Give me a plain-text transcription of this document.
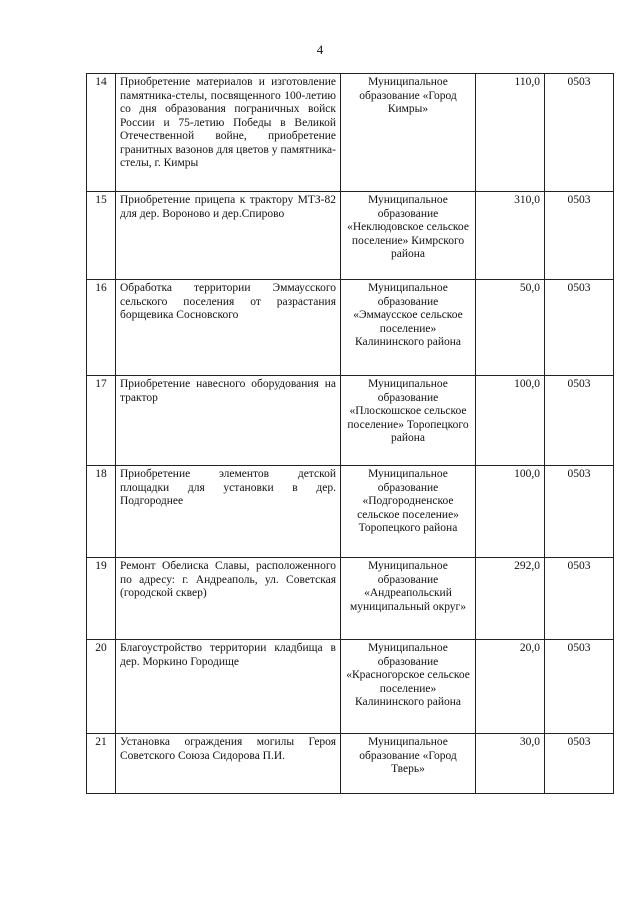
4
14	Приобретение материалов и изготовление памятника-стелы, посвященного 100-летию со дня образования пограничных войск России и 75-летию Победы в Великой Отечественной войне, приобретение гранитных вазонов для цветов у памятника-стелы, г. Кимры	Муниципальное образование «Город Кимры»	110,0	0503
15	Приобретение прицепа к трактору МТЗ-82 для дер. Вороново и дер.Спирово	Муниципальное образование «Неклюдовское сельское поселение» Кимрского района	310,0	0503
16	Обработка территории Эммаусского сельского поселения от разрастания борщевика Сосновского	Муниципальное образование «Эммаусское сельское поселение» Калининского района	50,0	0503
17	Приобретение навесного оборудования на трактор	Муниципальное образование «Плоскошское сельское поселение» Торопецкого района	100,0	0503
18	Приобретение элементов детской площадки для установки в дер. Подгороднее	Муниципальное образование «Подгородненское сельское поселение» Торопецкого района	100,0	0503
19	Ремонт Обелиска Славы, расположенного по адресу: г. Андреаполь, ул. Советская (городской сквер)	Муниципальное образование «Андреапольский муниципальный округ»	292,0	0503
20	Благоустройство территории кладбища в дер. Моркино Городище	Муниципальное образование «Красногорское сельское поселение» Калининского района	20,0	0503
21	Установка ограждения могилы Героя Советского Союза Сидорова П.И.	Муниципальное образование «Город Тверь»	30,0	0503
